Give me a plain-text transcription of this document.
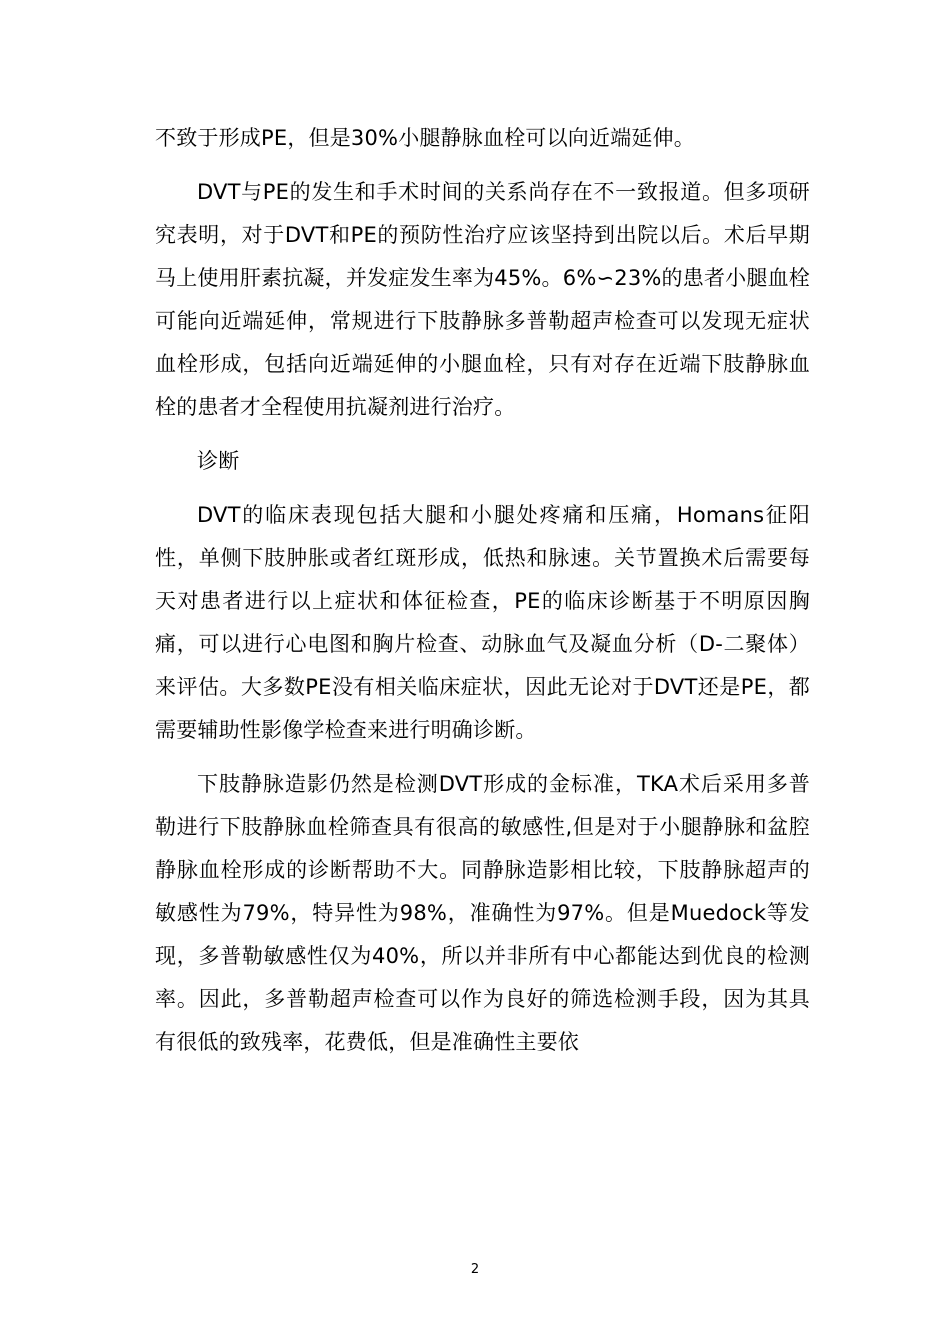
不致于形成PE，但是30%小腿静脉血栓可以向近端延伸。

DVT与PE的发生和手术时间的关系尚存在不一致报道。但多项研究表明，对于DVT和PE的预防性治疗应该坚持到出院以后。术后早期马上使用肝素抗凝，并发症发生率为45%。6%∽23%的患者小腿血栓可能向近端延伸，常规进行下肢静脉多普勒超声检查可以发现无症状血栓形成，包括向近端延伸的小腿血栓，只有对存在近端下肢静脉血栓的患者才全程使用抗凝剂进行治疗。

诊断

DVT的临床表现包括大腿和小腿处疼痛和压痛，Homans征阳性，单侧下肢肿胀或者红斑形成，低热和脉速。关节置换术后需要每天对患者进行以上症状和体征检查，PE的临床诊断基于不明原因胸痛，可以进行心电图和胸片检查、动脉血气及凝血分析（D-二聚体）来评估。大多数PE没有相关临床症状，因此无论对于DVT还是PE，都需要辅助性影像学检查来进行明确诊断。

下肢静脉造影仍然是检测DVT形成的金标准，TKA术后采用多普勒进行下肢静脉血栓筛查具有很高的敏感性,但是对于小腿静脉和盆腔静脉血栓形成的诊断帮助不大。同静脉造影相比较，下肢静脉超声的敏感性为79%，特异性为98%，准确性为97%。但是Muedock等发现，多普勒敏感性仅为40%，所以并非所有中心都能达到优良的检测率。因此，多普勒超声检查可以作为良好的筛选检测手段，因为其具有很低的致残率，花费低，但是准确性主要依

2
